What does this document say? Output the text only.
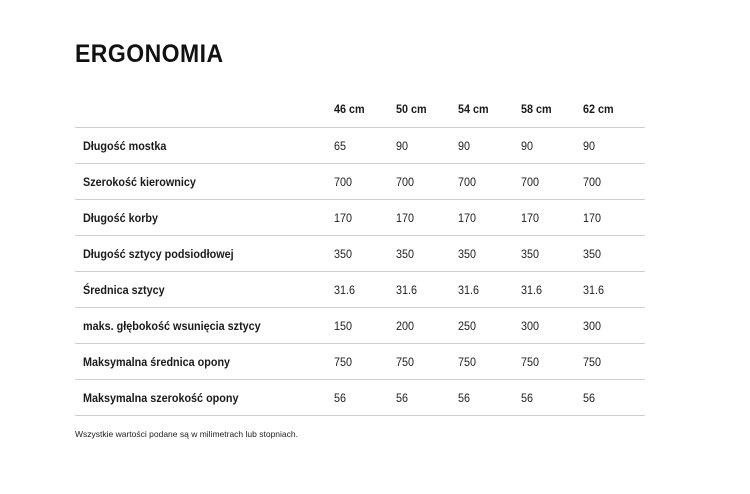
ERGONOMIA
	46 cm	50 cm	54 cm	58 cm	62 cm
Długość mostka	65	90	90	90	90
Szerokość kierownicy	700	700	700	700	700
Długość korby	170	170	170	170	170
Długość sztycy podsiodłowej	350	350	350	350	350
Średnica sztycy	31.6	31.6	31.6	31.6	31.6
maks. głębokość wsunięcia sztycy	150	200	250	300	300
Maksymalna średnica opony	750	750	750	750	750
Maksymalna szerokość opony	56	56	56	56	56

Wszystkie wartości podane są w milimetrach lub stopniach.
